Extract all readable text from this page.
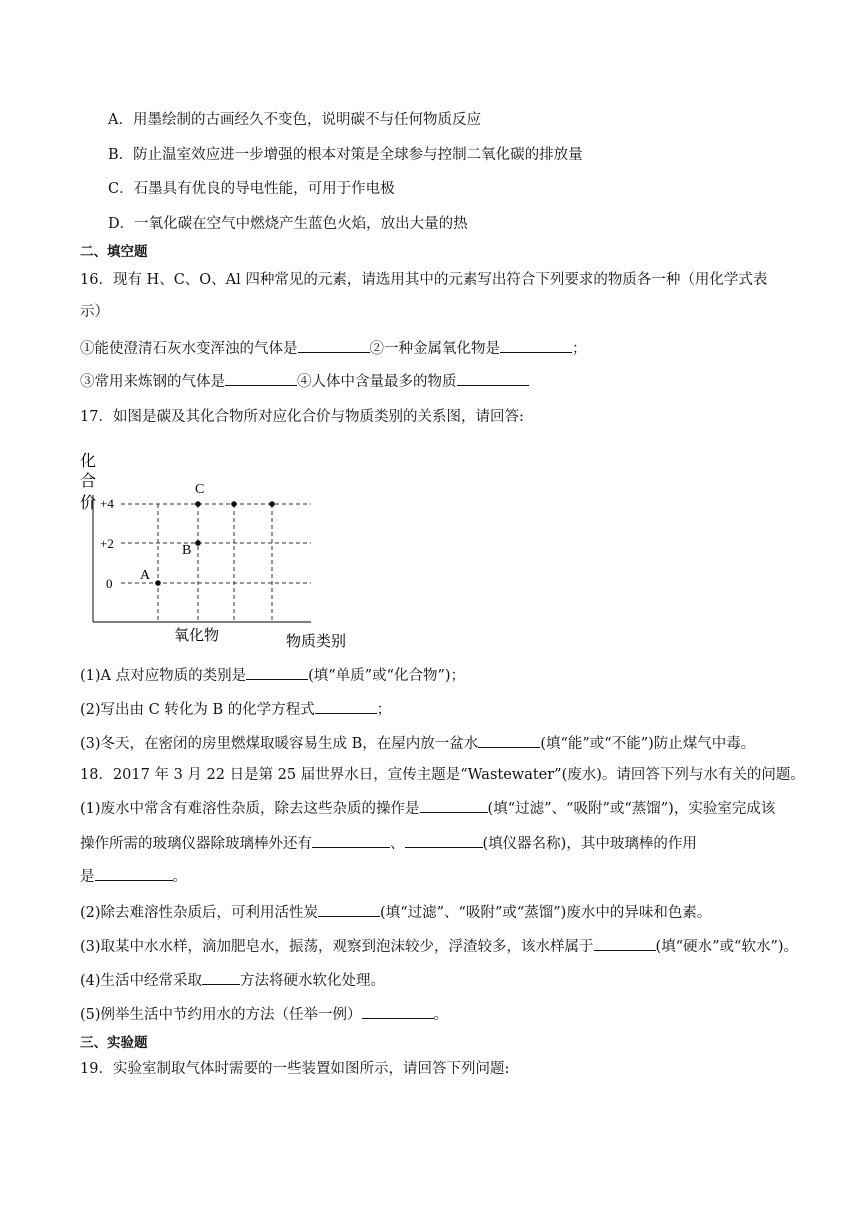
A．用墨绘制的古画经久不变色，说明碳不与任何物质反应
B．防止温室效应进一步增强的根本对策是全球参与控制二氧化碳的排放量
C．石墨具有优良的导电性能，可用于作电极
D．一氧化碳在空气中燃烧产生蓝色火焰，放出大量的热
二、填空题
16．现有 H、C、O、Al 四种常见的元素，请选用其中的元素写出符合下列要求的物质各一种（用化学式表
示）
①能使澄清石灰水变浑浊的气体是	②一种金属氧化物是	；
③常用来炼钢的气体是	④人体中含量最多的物质
17．如图是碳及其化合物所对应化合价与物质类别的关系图，请回答:
化
合
价 +4
+2
0
A
B
C
氧化物	物质类别
(1)A 点对应物质的类别是	(填“单质”或“化合物”)；
(2)写出由 C 转化为 B 的化学方程式	；
(3)冬天，在密闭的房里燃煤取暖容易生成 B，在屋内放一盆水	(填“能”或“不能”)防止煤气中毒。
18．2017 年 3 月 22 日是第 25 届世界水日，宣传主题是“Wastewater”(废水)。请回答下列与水有关的问题。
(1)废水中常含有难溶性杂质，除去这些杂质的操作是	(填“过滤”、“吸附”或“蒸馏”)，实验室完成该
操作所需的玻璃仪器除玻璃棒外还有	、	(填仪器名称)，其中玻璃棒的作用
是	。
(2)除去难溶性杂质后，可利用活性炭	(填“过滤”、“吸附”或“蒸馏”)废水中的异味和色素。
(3)取某中水水样，滴加肥皂水，振荡，观察到泡沫较少，浮渣较多，该水样属于	(填“硬水”或“软水”)。
(4)生活中经常采取	方法将硬水软化处理。
(5)例举生活中节约用水的方法（任举一例）	。
三、实验题
19．实验室制取气体时需要的一些装置如图所示，请回答下列问题:
